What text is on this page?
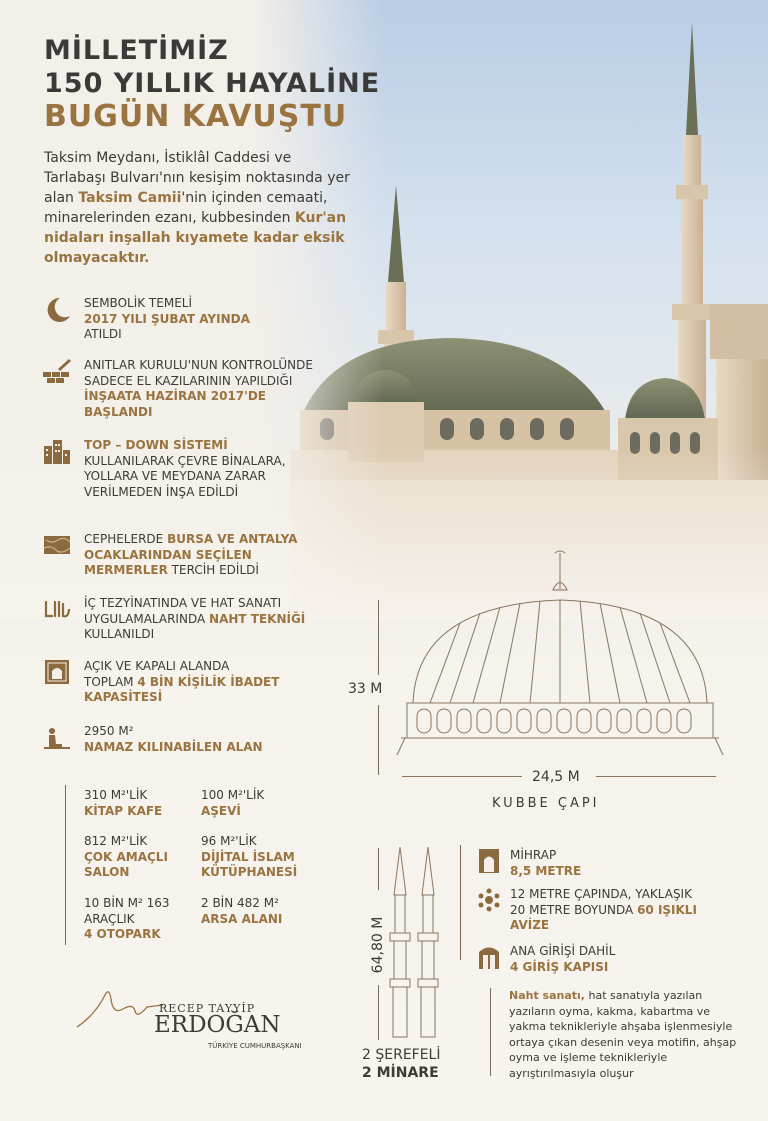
MİLLETİMİZ
150 YILLIK HAYALİNE
BUGÜN KAVUŞTU
Taksim Meydanı, İstiklâl Caddesi ve Tarlabaşı Bulvarı'nın kesişim noktasında yer alan Taksim Camii'nin içinden cemaati, minarelerinden ezanı, kubbesinden Kur'an nidaları inşallah kıyamete kadar eksik olmayacaktır.
SEMBOLİK TEMELİ
2017 YILI ŞUBAT AYINDA
ATILDI
ANITLAR KURULU'NUN KONTROLÜNDE SADECE EL KAZILARININ YAPILDIĞI İNŞAATA HAZİRAN 2017'DE BAŞLANDI
TOP – DOWN SİSTEMİ
KULLANILARAK ÇEVRE BİNALARA, YOLLARA VE MEYDANA ZARAR VERİLMEDEN İNŞA EDİLDİ
CEPHELERDE BURSA VE ANTALYA OCAKLARINDAN SEÇİLEN MERMERLER TERCİH EDİLDİ
İÇ TEZYİNATINDA VE HAT SANATI UYGULAMALARINDA NAHT TEKNİĞİ KULLANILDI
AÇIK VE KAPALI ALANDA TOPLAM 4 BİN KİŞİLİK İBADET KAPASİTESİ
2950 M²
NAMAZ KILINABİLEN ALAN
310 M²'LİK
KİTAP KAFE
100 M²'LİK
AŞEVİ
812 M²'LİK
ÇOK AMAÇLI SALON
96 M²'LİK
DİJİTAL İSLAM KÜTÜPHANESİ
10 BİN M² 163 ARAÇLIK
4 OTOPARK
2 BİN 482 M²
ARSA ALANI
33 M
24,5 M
KUBBE ÇAPI
64,80 M
2 ŞEREFELİ
2 MİNARE
MİHRAP
8,5 METRE
12 METRE ÇAPINDA, YAKLAŞIK 20 METRE BOYUNDA 60 IŞIKLI AVİZE
ANA GİRİŞİ DAHİL
4 GİRİŞ KAPISI
Naht sanatı, hat sanatıyla yazılan yazıların oyma, kakma, kabartma ve yakma teknikleriyle ahşaba işlenmesiyle ortaya çıkan desenin veya motifin, ahşap oyma ve işleme teknikleriyle ayrıştırılmasıyla oluşur
RECEP TAYYİP
ERDOĞAN
TÜRKİYE CUMHURBAŞKANI
